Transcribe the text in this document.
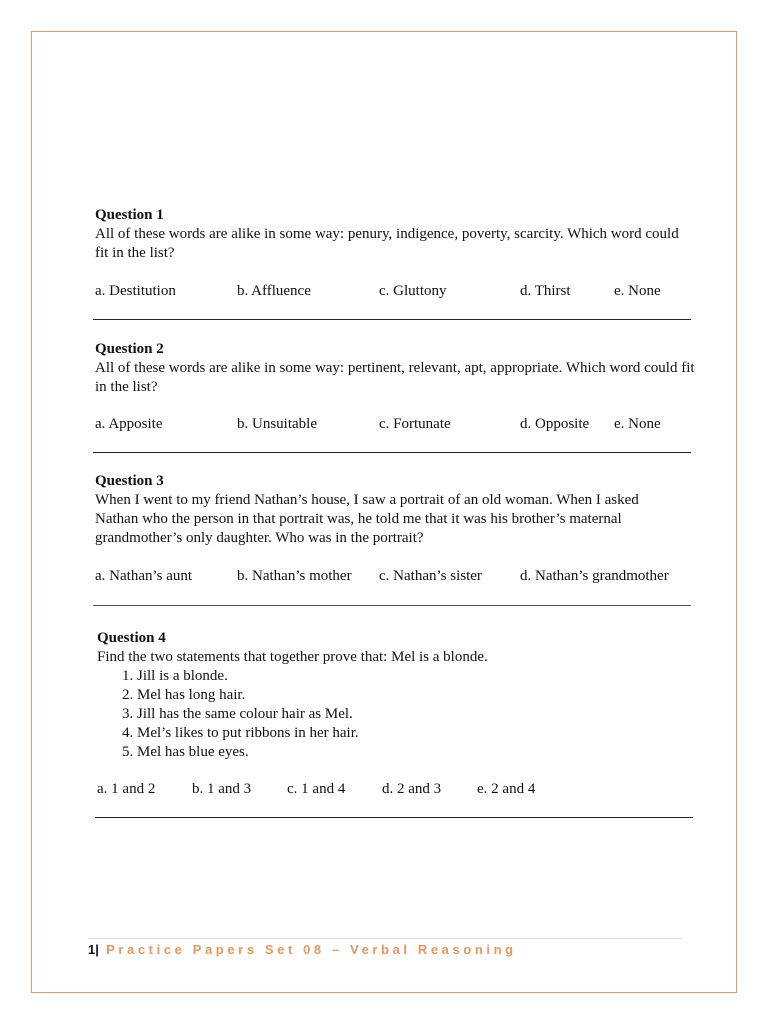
Question 1

All of these words are alike in some way: penury, indigence, poverty, scarcity. Which word could fit in the list?

a. Destitution	b. Affluence	c. Gluttony	d. Thirst	e. None
Question 2

All of these words are alike in some way: pertinent, relevant, apt, appropriate. Which word could fit in the list?

a. Apposite	b. Unsuitable	c. Fortunate	d. Opposite e. None
Question 3

When I went to my friend Nathan’s house, I saw a portrait of an old woman. When I asked Nathan who the person in that portrait was, he told me that it was his brother’s maternal grandmother’s only daughter. Who was in the portrait?

a. Nathan’s aunt	b. Nathan’s mother c. Nathan’s sister	d. Nathan’s grandmother
Question 4

Find the two statements that together prove that: Mel is a blonde.

1. Jill is a blonde.
2. Mel has long hair.
3. Jill has the same colour hair as Mel.
4. Mel’s likes to put ribbons in her hair.
5. Mel has blue eyes.
a. 1 and 2 b. 1 and 3 c. 1 and 4 d. 2 and 3 e. 2 and 4
1| Practice Papers Set 08 – Verbal Reasoning
